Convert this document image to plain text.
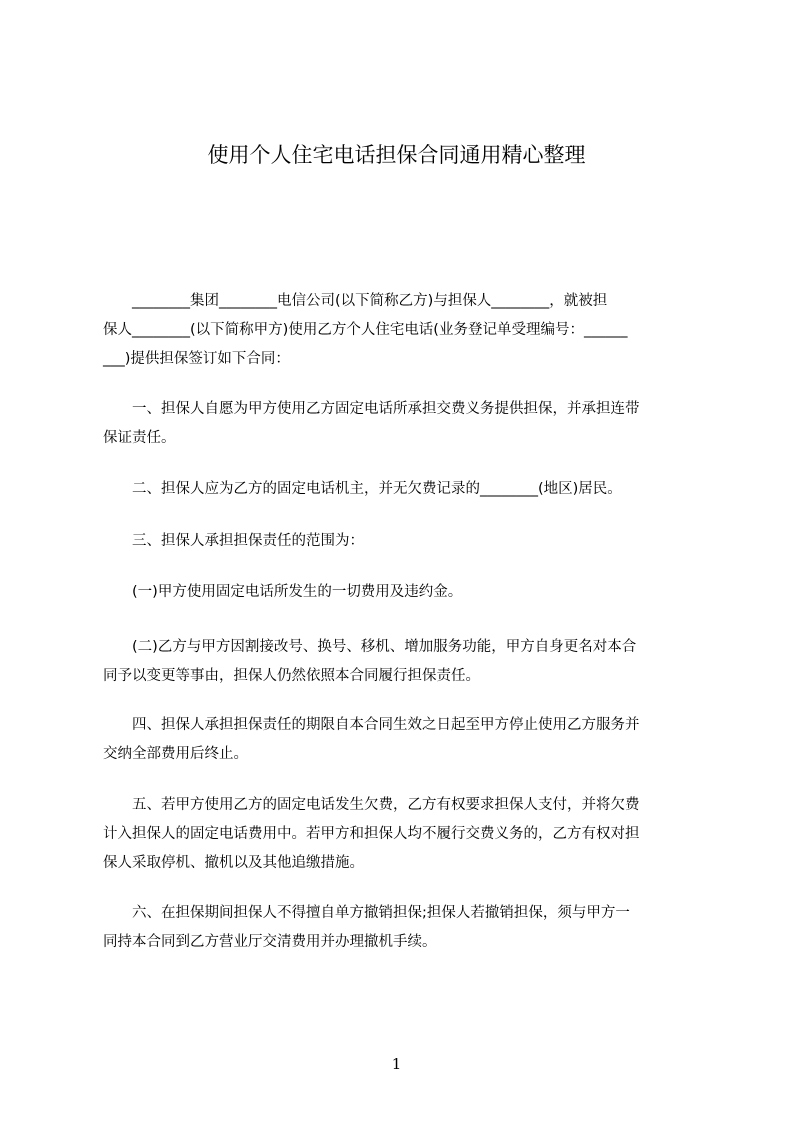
使用个人住宅电话担保合同通用精心整理
　　________集团________电信公司(以下简称乙方)与担保人________，就被担
保人________(以下简称甲方)使用乙方个人住宅电话(业务登记单受理编号：______
___)提供担保签订如下合同：
　　一、担保人自愿为甲方使用乙方固定电话所承担交费义务提供担保，并承担连带
保证责任。
　　二、担保人应为乙方的固定电话机主，并无欠费记录的________(地区)居民。
　　三、担保人承担担保责任的范围为：
　　(一)甲方使用固定电话所发生的一切费用及违约金。
　　(二)乙方与甲方因割接改号、换号、移机、增加服务功能，甲方自身更名对本合
同予以变更等事由，担保人仍然依照本合同履行担保责任。
　　四、担保人承担担保责任的期限自本合同生效之日起至甲方停止使用乙方服务并
交纳全部费用后终止。
　　五、若甲方使用乙方的固定电话发生欠费，乙方有权要求担保人支付，并将欠费
计入担保人的固定电话费用中。若甲方和担保人均不履行交费义务的，乙方有权对担
保人采取停机、撤机以及其他追缴措施。
　　六、在担保期间担保人不得擅自单方撤销担保;担保人若撤销担保，须与甲方一
同持本合同到乙方营业厅交清费用并办理撤机手续。
1
